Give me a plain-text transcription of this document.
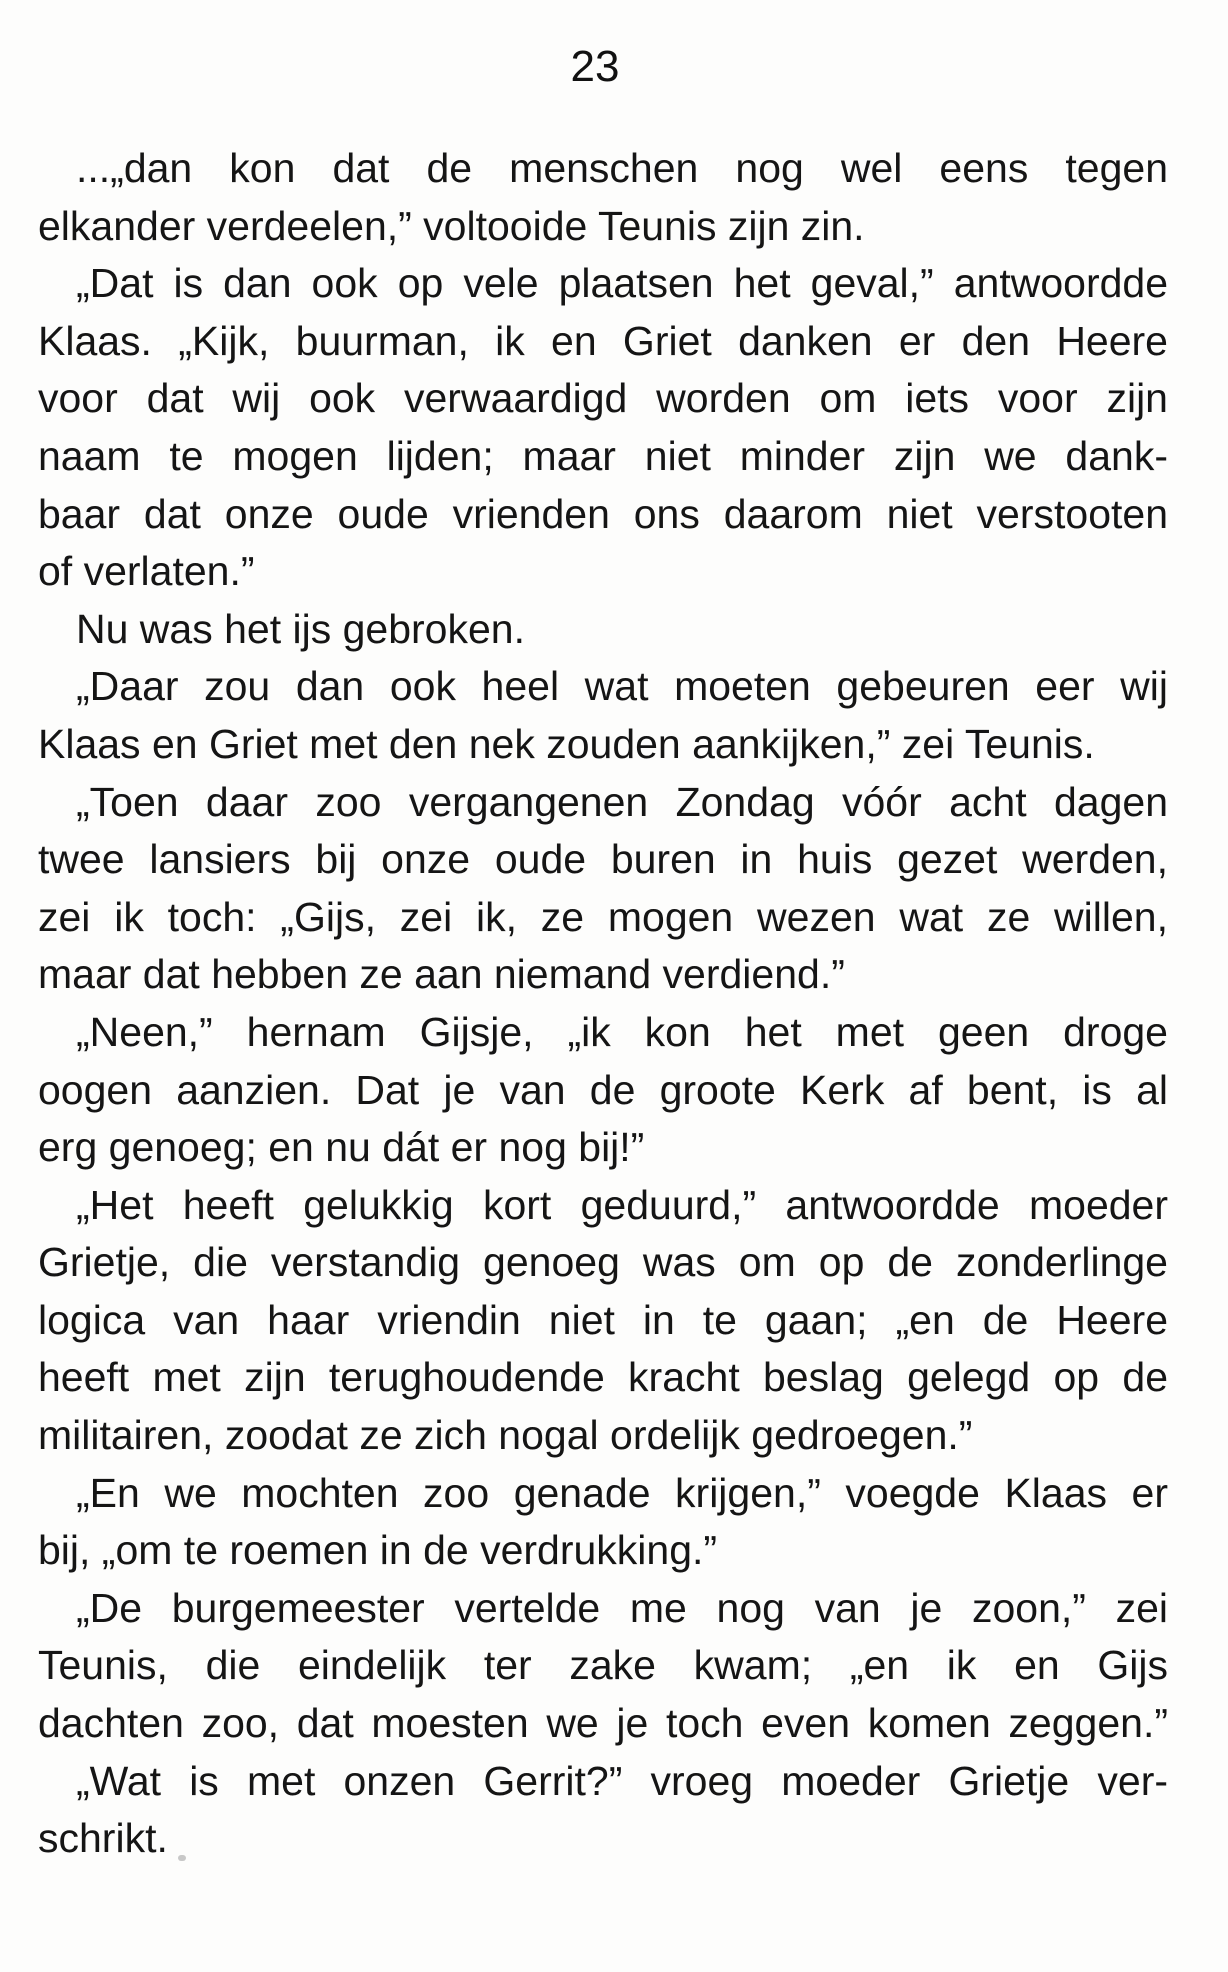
23
...„dan kon dat de menschen nog wel eens tegen
elkander verdeelen,” voltooide Teunis zijn zin.
„Dat is dan ook op vele plaatsen het geval,” antwoordde
Klaas. „Kijk, buurman, ik en Griet danken er den Heere
voor dat wij ook verwaardigd worden om iets voor zijn
naam te mogen lijden; maar niet minder zijn we dank-
baar dat onze oude vrienden ons daarom niet verstooten
of verlaten.”
Nu was het ijs gebroken.
„Daar zou dan ook heel wat moeten gebeuren eer wij
Klaas en Griet met den nek zouden aankijken,” zei Teunis.
„Toen daar zoo vergangenen Zondag vóór acht dagen
twee lansiers bij onze oude buren in huis gezet werden,
zei ik toch: „Gijs, zei ik, ze mogen wezen wat ze willen,
maar dat hebben ze aan niemand verdiend.”
„Neen,” hernam Gijsje, „ik kon het met geen droge
oogen aanzien. Dat je van de groote Kerk af bent, is al
erg genoeg; en nu dát er nog bij!”
„Het heeft gelukkig kort geduurd,” antwoordde moeder
Grietje, die verstandig genoeg was om op de zonderlinge
logica van haar vriendin niet in te gaan; „en de Heere
heeft met zijn terughoudende kracht beslag gelegd op de
militairen, zoodat ze zich nogal ordelijk gedroegen.”
„En we mochten zoo genade krijgen,” voegde Klaas er
bij, „om te roemen in de verdrukking.”
„De burgemeester vertelde me nog van je zoon,” zei
Teunis, die eindelijk ter zake kwam; „en ik en Gijs
dachten zoo, dat moesten we je toch even komen zeggen.”
„Wat is met onzen Gerrit?” vroeg moeder Grietje ver-
schrikt.
